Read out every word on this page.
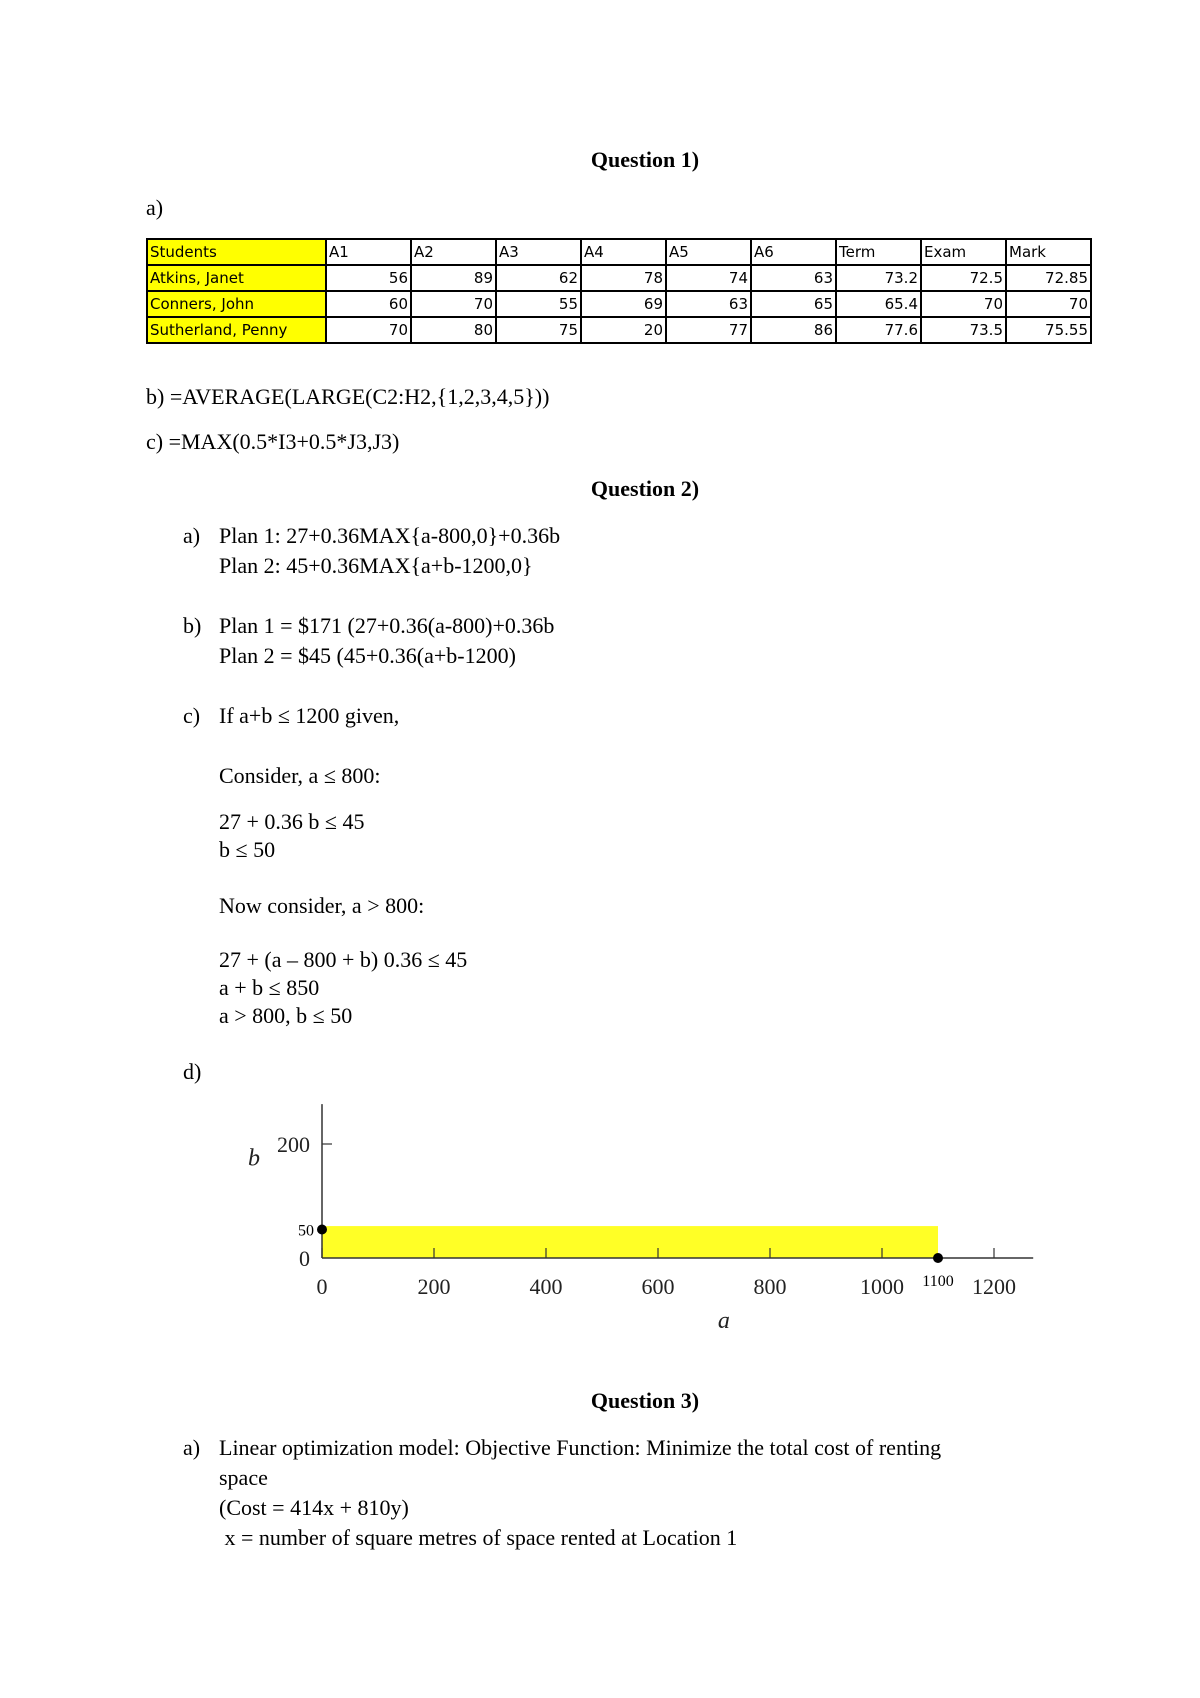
Question 1)
a)
Students	A1	A2	A3	A4	A5	A6	Term	Exam	Mark
Atkins, Janet	56	89	62	78	74	63	73.2	72.5	72.85
Conners, John	60	70	55	69	63	65	65.4	70	70
Sutherland, Penny	70	80	75	20	77	86	77.6	73.5	75.55
b) =AVERAGE(LARGE(C2:H2,{1,2,3,4,5}))
c) =MAX(0.5*I3+0.5*J3,J3)
Question 2)
a) Plan 1: 27+0.36MAX{a-800,0}+0.36b
Plan 2: 45+0.36MAX{a+b-1200,0}
b) Plan 1 = $171 (27+0.36(a-800)+0.36b
Plan 2 = $45 (45+0.36(a+b-1200)
c) If a+b ≤ 1200 given,
Consider, a ≤ 800:
27 + 0.36 b ≤ 45
b ≤ 50
Now consider, a > 800:
27 + (a – 800 + b) 0.36 ≤ 45
a + b ≤ 850
a > 800, b ≤ 50
d)
0	200	400	600	800	1000	1200
0
200
a
b
50
1100
Question 3)
a) Linear optimization model: Objective Function: Minimize the total cost of renting
space
(Cost = 414x + 810y)
x = number of square metres of space rented at Location 1
